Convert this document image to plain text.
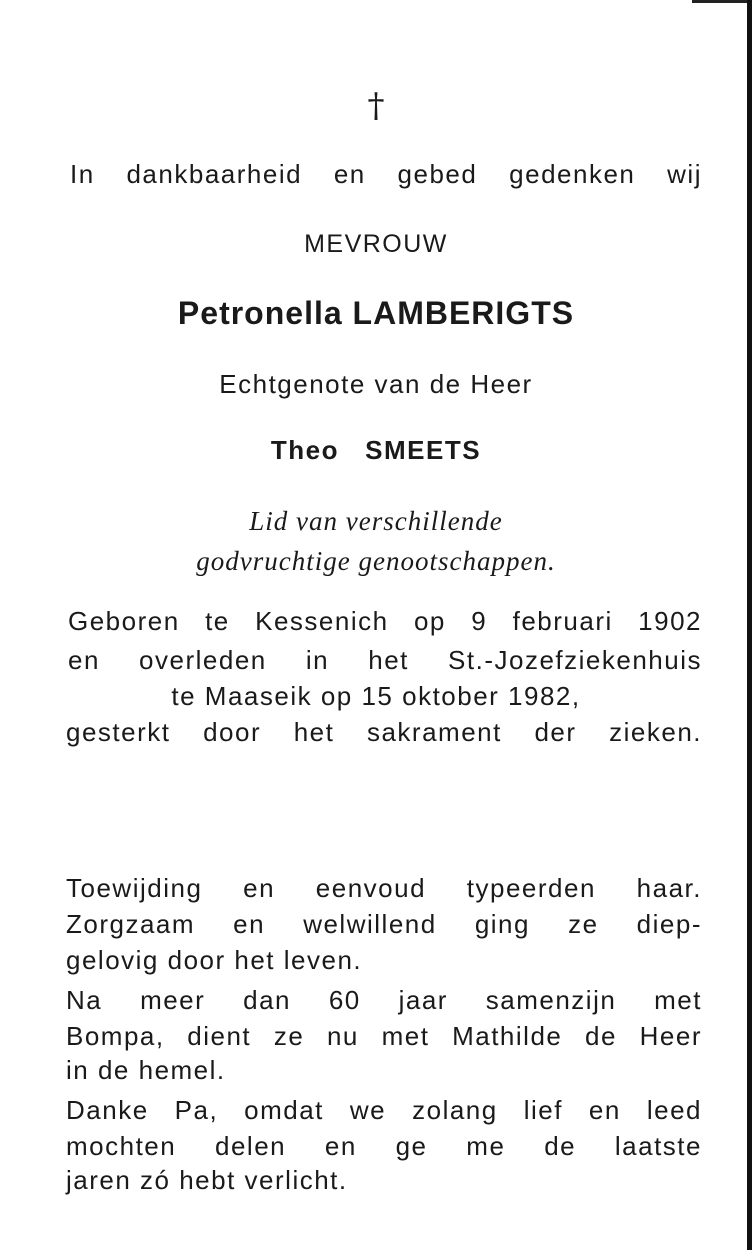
†
In dankbaarheid en gebed gedenken wij
MEVROUW
Petronella LAMBERIGTS
Echtgenote van de Heer
Theo   SMEETS
Lid van verschillende
godvruchtige genootschappen.
Geboren te Kessenich op 9 februari 1902
en overleden in het St.-Jozefziekenhuis
te Maaseik op 15 oktober 1982,
gesterkt door het sakrament der zieken.
Toewijding en eenvoud typeerden haar.
Zorgzaam en welwillend ging ze diep-
gelovig door het leven.
Na meer dan 60 jaar samenzijn met
Bompa, dient ze nu met Mathilde de Heer
in de hemel.
Danke Pa, omdat we zolang lief en leed
mochten delen en ge me de laatste
jaren zó hebt verlicht.
